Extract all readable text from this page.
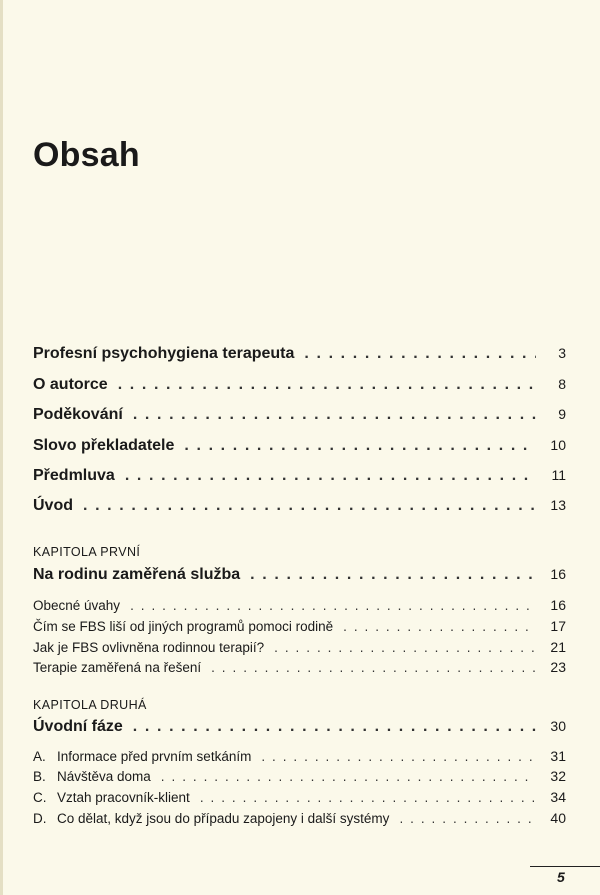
Obsah
Profesní psychohygiena terapeuta . . .	3
O autorce . . .	8
Poděkování . . .	9
Slovo překladatele . . .	10
Předmluva . . .	11
Úvod . . .	13
KAPITOLA PRVNÍ
Na rodinu zaměřená služba . . .	16
Obecné úvahy . . .	16
Čím se FBS liší od jiných programů pomoci rodině . . .	17
Jak je FBS ovlivněna rodinnou terapií? . . .	21
Terapie zaměřená na řešení . . .	23
KAPITOLA DRUHÁ
Úvodní fáze . . .	30
A. Informace před prvním setkáním . . .	31
B. Návštěva doma . . .	32
C. Vztah pracovník-klient . . .	34
D. Co dělat, když jsou do případu zapojeny i další systémy . . .	40
5
